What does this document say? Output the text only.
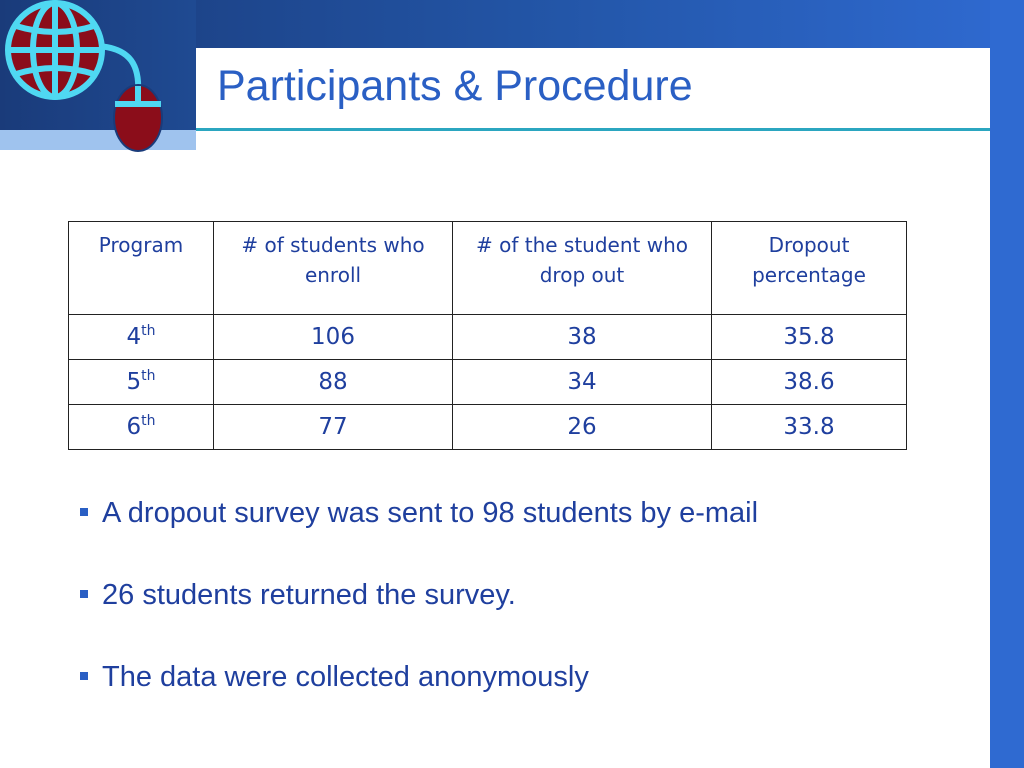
Participants & Procedure
Program	# of students who enroll	# of the student who drop out	Dropout percentage
4th	106	38	35.8
5th	88	34	38.6
6th	77	26	33.8
A dropout survey was sent to 98 students by e-mail
26 students returned the survey.
The data were collected anonymously
